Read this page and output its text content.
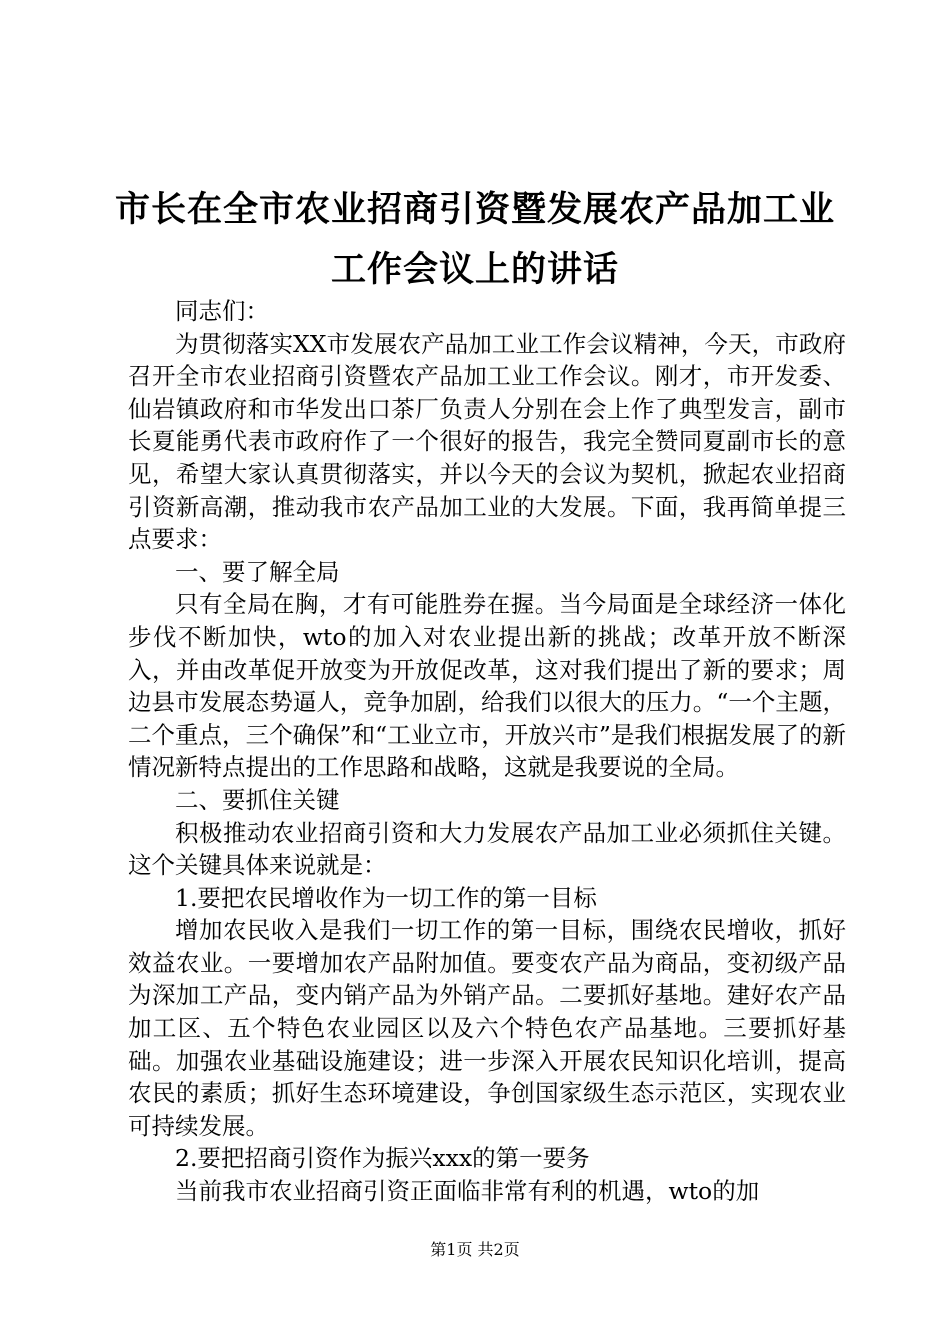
市长在全市农业招商引资暨发展农产品加工业
工作会议上的讲话

同志们：

为贯彻落实XX市发展农产品加工业工作会议精神，今天，市政府召开全市农业招商引资暨农产品加工业工作会议。刚才，市开发委、仙岩镇政府和市华发出口茶厂负责人分别在会上作了典型发言，副市长夏能勇代表市政府作了一个很好的报告，我完全赞同夏副市长的意见，希望大家认真贯彻落实，并以今天的会议为契机，掀起农业招商引资新高潮，推动我市农产品加工业的大发展。下面，我再简单提三点要求：

一、要了解全局

只有全局在胸，才有可能胜券在握。当今局面是全球经济一体化步伐不断加快，wto的加入对农业提出新的挑战；改革开放不断深入，并由改革促开放变为开放促改革，这对我们提出了新的要求；周边县市发展态势逼人，竞争加剧，给我们以很大的压力。“一个主题，二个重点，三个确保”和“工业立市，开放兴市”是我们根据发展了的新情况新特点提出的工作思路和战略，这就是我要说的全局。

二、要抓住关键

积极推动农业招商引资和大力发展农产品加工业必须抓住关键。这个关键具体来说就是：

1.要把农民增收作为一切工作的第一目标

增加农民收入是我们一切工作的第一目标，围绕农民增收，抓好效益农业。一要增加农产品附加值。要变农产品为商品，变初级产品为深加工产品，变内销产品为外销产品。二要抓好基地。建好农产品加工区、五个特色农业园区以及六个特色农产品基地。三要抓好基础。加强农业基础设施建设；进一步深入开展农民知识化培训，提高农民的素质；抓好生态环境建设，争创国家级生态示范区，实现农业可持续发展。

2.要把招商引资作为振兴xxx的第一要务

当前我市农业招商引资正面临非常有利的机遇，wto的加

第1页 共2页
